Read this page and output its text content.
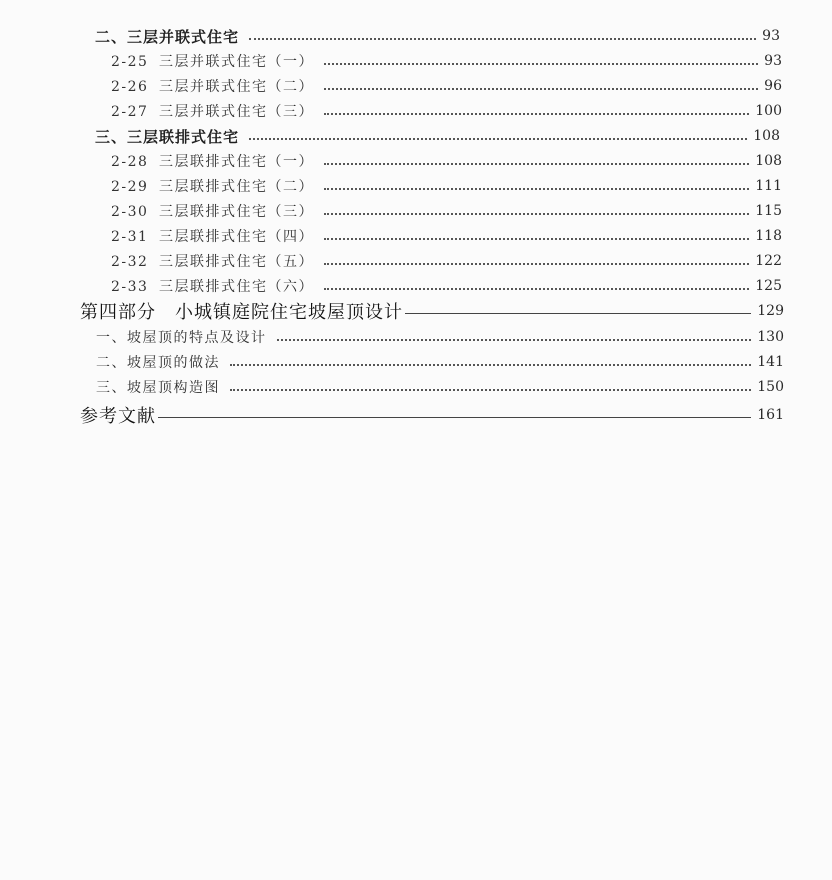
二、三层并联式住宅	93
2-25 三层并联式住宅（一）	93
2-26 三层并联式住宅（二）	96
2-27 三层并联式住宅（三）	100
三、三层联排式住宅	108
2-28 三层联排式住宅（一）	108
2-29 三层联排式住宅（二）	111
2-30 三层联排式住宅（三）	115
2-31 三层联排式住宅（四）	118
2-32 三层联排式住宅（五）	122
2-33 三层联排式住宅（六）	125
第四部分　小城镇庭院住宅坡屋顶设计	129
一、坡屋顶的特点及设计	130
二、坡屋顶的做法	141
三、坡屋顶构造图	150
参考文献	161
